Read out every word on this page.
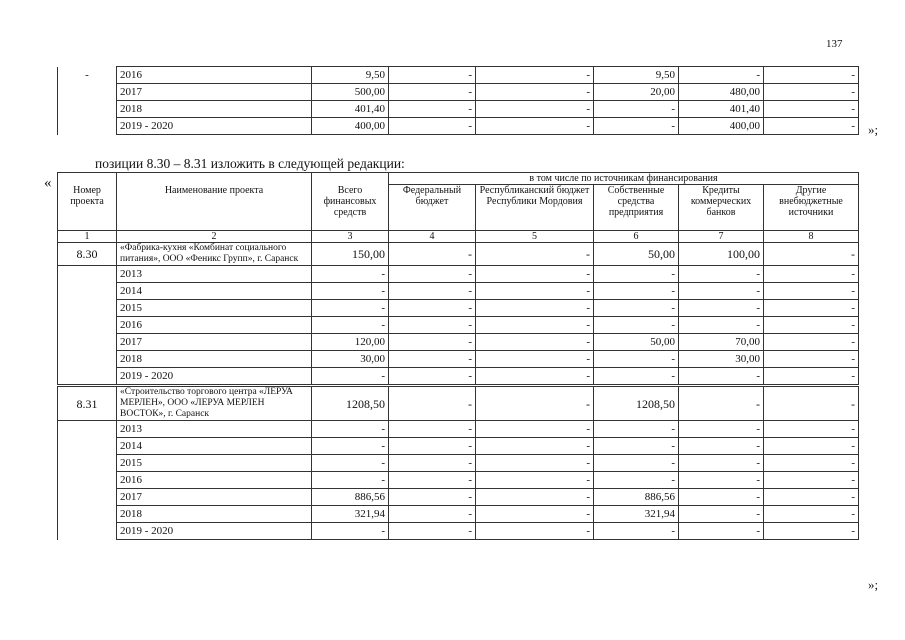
137
-	2016	9,50	-	-	9,50	-	-
	2017	500,00	-	-	20,00	480,00	-
	2018	401,40	-	-	-	401,40	-
	2019 - 2020	400,00	-	-	-	400,00	- »;
позиции 8.30 – 8.31 изложить в следующей редакции:
«
				в том числе по источникам финансирования				
Номер проекта	Наименование проекта	Всего финансовых средств	Федеральный бюджет	Республиканский бюджет Республики Мордовия	Собственные средства предприятия	Кредиты коммерческих банков	Другие внебюджетные источники
1	2	3	4	5	6	7	8
8.30	«Фабрика-кухня «Комбинат социального питания», ООО «Феникс Групп», г. Саранск	150,00	-	-	50,00	100,00	-
	2013	-	-	-	-	-	-
	2014	-	-	-	-	-	-
	2015	-	-	-	-	-	-
	2016	-	-	-	-	-	-
	2017	120,00	-	-	50,00	70,00	-
	2018	30,00	-	-	-	30,00	-
	2019 - 2020	-	-	-	-	-	-
8.31	«Строительство торгового центра «ЛЕРУА МЕРЛЕН», ООО «ЛЕРУА МЕРЛЕН ВОСТОК», г. Саранск	1208,50	-	-	1208,50	-	-
	2013	-	-	-	-	-	-
	2014	-	-	-	-	-	-
	2015	-	-	-	-	-	-
	2016	-	-	-	-	-	-
	2017	886,56	-	-	886,56	-	-
	2018	321,94	-	-	321,94	-	-
	2019 - 2020	-	-	-	-	-	-
»;
